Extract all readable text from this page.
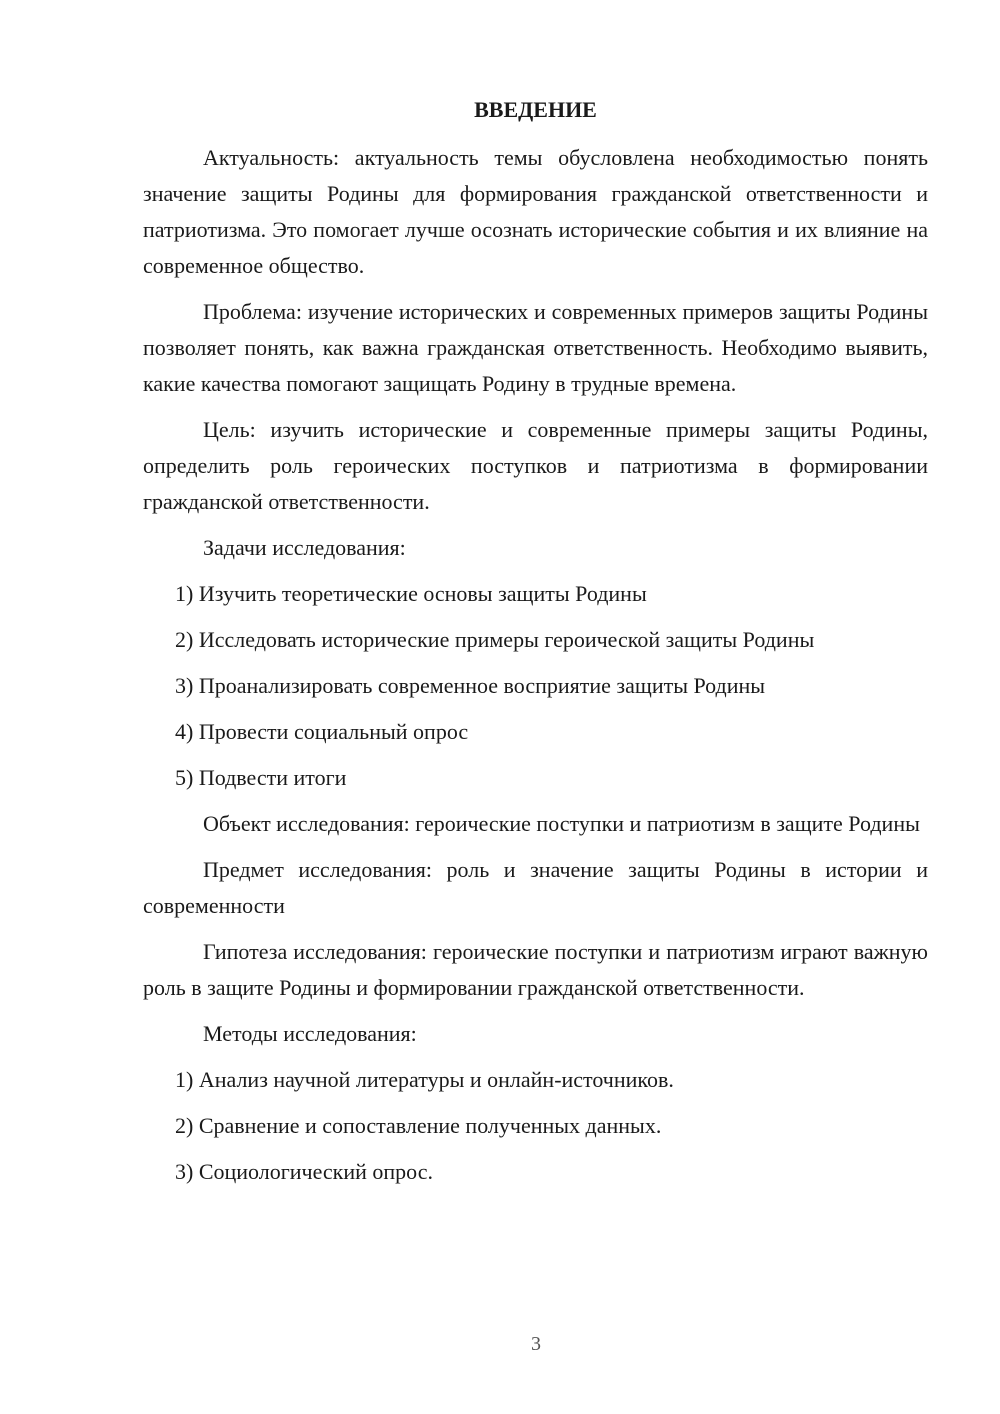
ВВЕДЕНИЕ

Актуальность: актуальность темы обусловлена необходимостью понять значение защиты Родины для формирования гражданской ответственности и патриотизма. Это помогает лучше осознать исторические события и их влияние на современное общество.

Проблема: изучение исторических и современных примеров защиты Родины позволяет понять, как важна гражданская ответственность. Необходимо выявить, какие качества помогают защищать Родину в трудные времена.

Цель: изучить исторические и современные примеры защиты Родины, определить роль героических поступков и патриотизма в формировании гражданской ответственности.

Задачи исследования:

1) Изучить теоретические основы защиты Родины

2) Исследовать исторические примеры героической защиты Родины

3) Проанализировать современное восприятие защиты Родины

4) Провести социальный опрос

5) Подвести итоги

Объект исследования: героические поступки и патриотизм в защите Родины

Предмет исследования: роль и значение защиты Родины в истории и современности

Гипотеза исследования: героические поступки и патриотизм играют важную роль в защите Родины и формировании гражданской ответственности.

Методы исследования:

1) Анализ научной литературы и онлайн-источников.

2) Сравнение и сопоставление полученных данных.

3) Социологический опрос.

3
